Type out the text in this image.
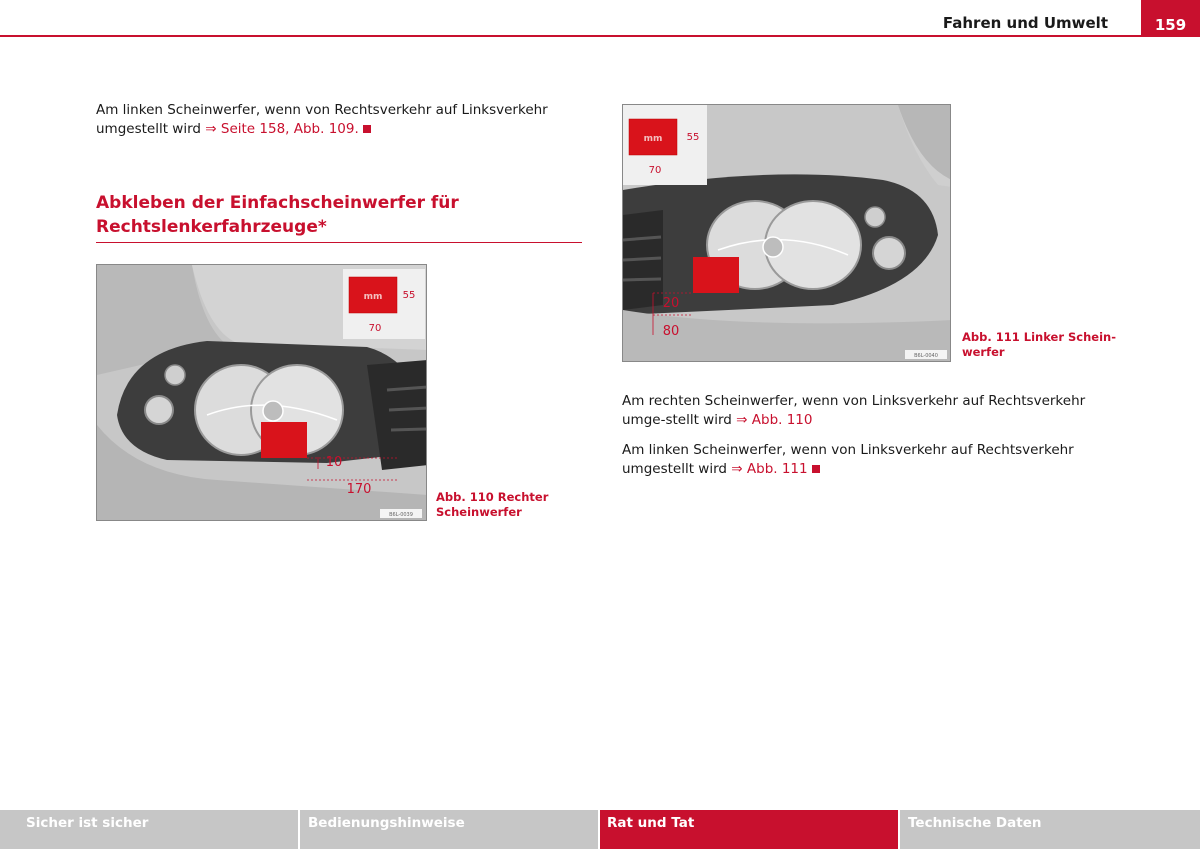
Fahren und Umwelt	159

Am linken Scheinwerfer, wenn von Rechtsverkehr auf Linksverkehr umgestellt wird ⇒ Seite 158, Abb. 109.

Abkleben der Einfachscheinwerfer für
Rechtslenkerfahrzeuge*
mm 55
70
10
170
B6L-0039
Abb. 110 Rechter
Scheinwerfer
mm 55
70
20
80
B6L-0040
Abb. 111 Linker Schein-
werfer

Am rechten Scheinwerfer, wenn von Linksverkehr auf Rechtsverkehr umge-stellt wird ⇒ Abb. 110

Am linken Scheinwerfer, wenn von Linksverkehr auf Rechtsverkehr umgestellt wird ⇒ Abb. 111

Sicher ist sicher	Bedienungshinweise	Rat und Tat	Technische Daten
